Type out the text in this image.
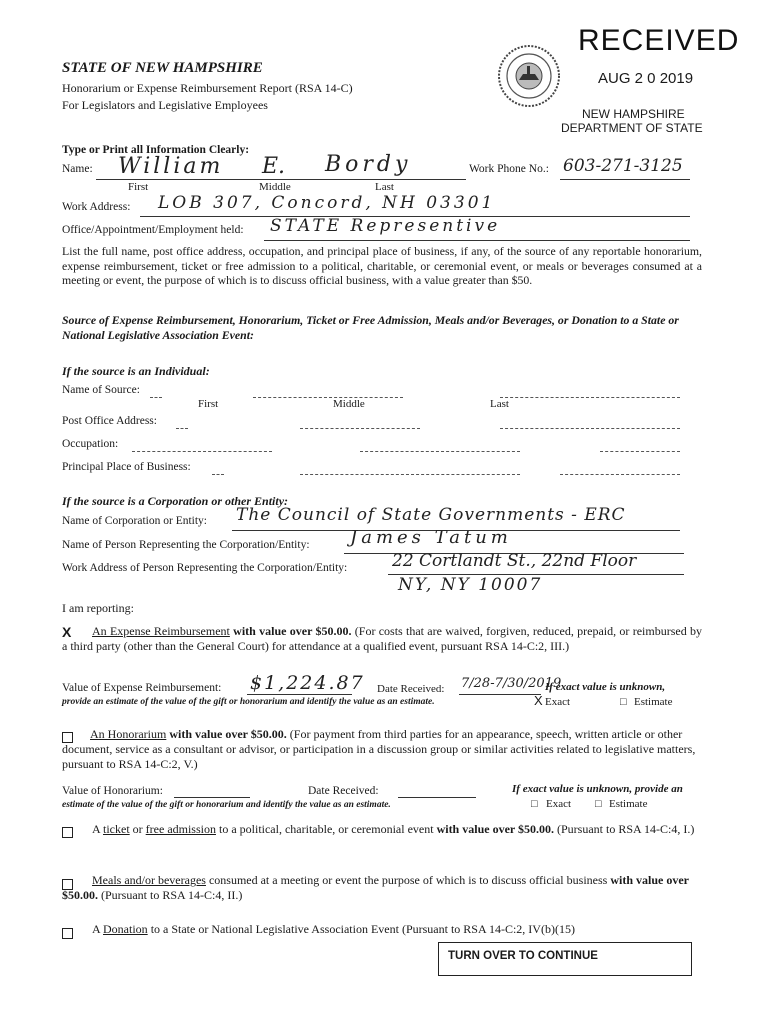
RECEIVED
AUG 2 0 2019
NEW HAMPSHIRE
DEPARTMENT OF STATE
STATE OF NEW HAMPSHIRE
Honorarium or Expense Reimbursement Report (RSA 14-C)
For Legislators and Legislative Employees
Type or Print all Information Clearly:
Name: William E. Bordy
First	Middle	Last
Work Phone No.: 603-271-3125
Work Address: LOB 307, Concord, NH 03301
Office/Appointment/Employment held: STATE Representive
List the full name, post office address, occupation, and principal place of business, if any, of the source of any reportable honorarium, expense reimbursement, ticket or free admission to a political, charitable, or ceremonial event, or meals or beverages consumed at a meeting or event, the purpose of which is to discuss official business, with a value greater than $50.
Source of Expense Reimbursement, Honorarium, Ticket or Free Admission, Meals and/or Beverages, or Donation to a State or National Legislative Association Event:
If the source is an Individual:
Name of Source:
First	Middle	Last
Post Office Address:
Occupation:
Principal Place of Business:
If the source is a Corporation or other Entity:
Name of Corporation or Entity: The Council of State Governments - ERC
Name of Person Representing the Corporation/Entity: James Tatum
Work Address of Person Representing the Corporation/Entity:	22 Cortlandt St., 22nd Floor
NY, NY 10007
I am reporting:
X	An Expense Reimbursement with value over $50.00. (For costs that are waived, forgiven, reduced, prepaid, or reimbursed by a third party (other than the General Court) for attendance at a qualified event, pursuant RSA 14-C:2, III.)
Value of Expense Reimbursement: $1,224.87 Date Received: 7/28-7/30/2019
If exact value is unknown,
provide an estimate of the value of the gift or honorarium and identify the value as an estimate.	X Exact	□ Estimate
An Honorarium with value over $50.00. (For payment from third parties for an appearance, speech, written article or other document, service as a consultant or advisor, or participation in a discussion group or similar activities related to legislative matters, pursuant to RSA 14-C:2, V.)
Value of Honorarium:	Date Received:	If exact value is unknown, provide an
estimate of the value of the gift or honorarium and identify the value as an estimate.	□ Exact □ Estimate
A ticket or free admission to a political, charitable, or ceremonial event with value over $50.00. (Pursuant to RSA 14-C:4, I.)
Meals and/or beverages consumed at a meeting or event the purpose of which is to discuss official business with value over $50.00. (Pursuant to RSA 14-C:4, II.)
A Donation to a State or National Legislative Association Event (Pursuant to RSA 14-C:2, IV(b)(15)
TURN OVER TO CONTINUE
